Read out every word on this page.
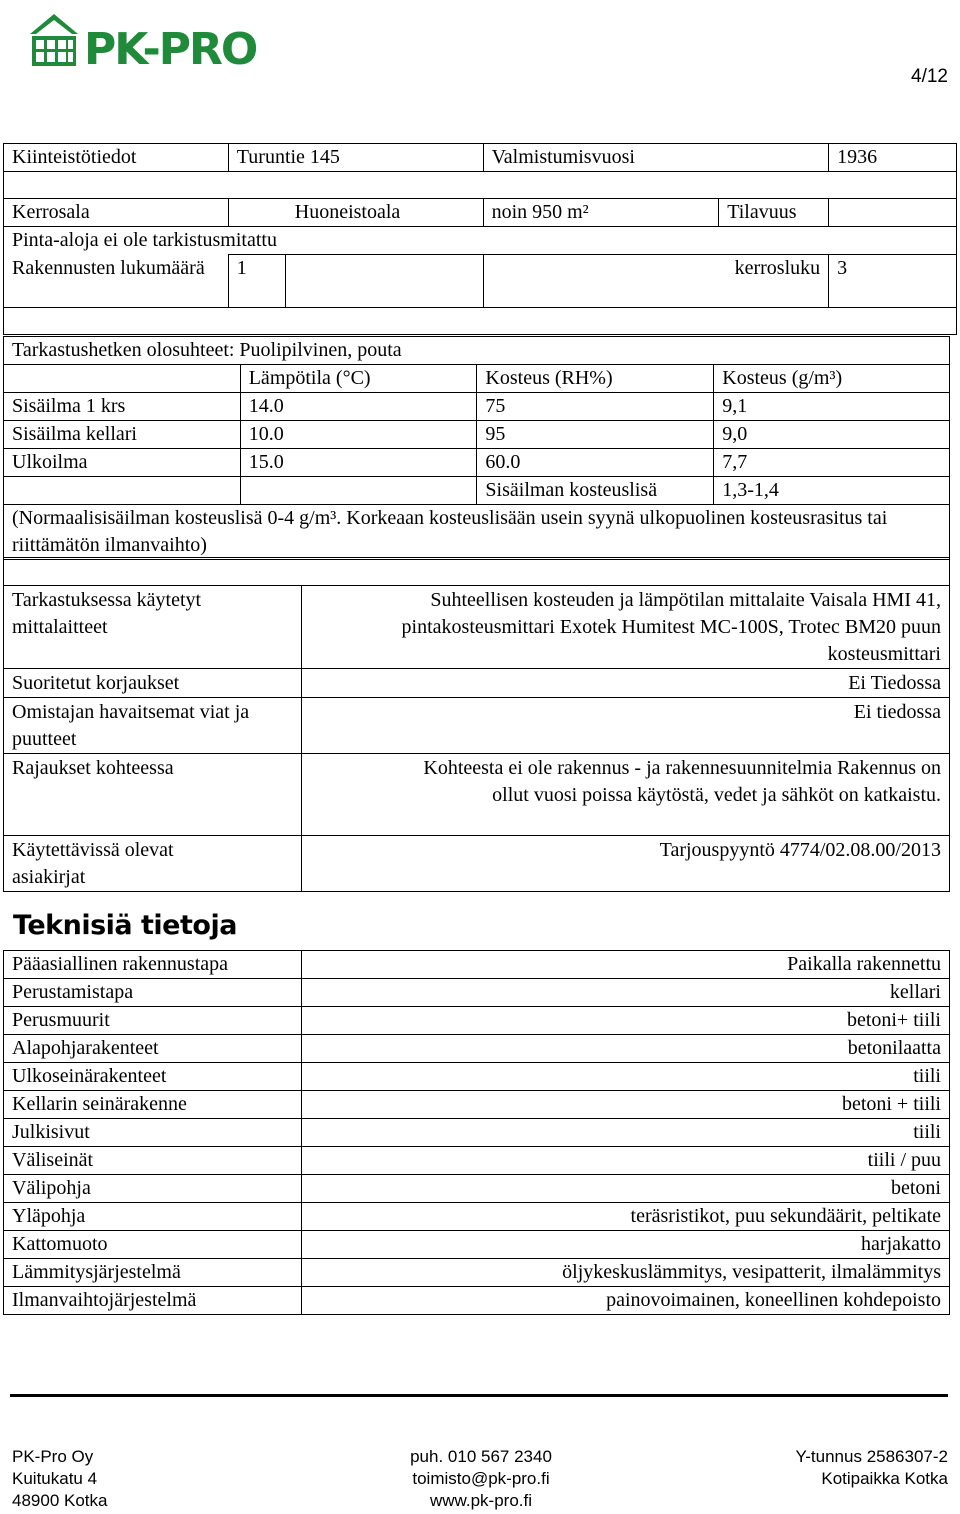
PK-PRO
4/12
Kiinteistötiedot	Turuntie 145		Valmistumisvuosi		1936

Kerrosala	Huoneistoala		noin 950 m²	Tilavuus	
Pinta-aloja ei ole tarkistusmitattu					
Rakennusten lukumäärä	1		kerrosluku		3

Tarkastushetken olosuhteet: Puolipilvinen, pouta			
	Lämpötila (°C)	Kosteus (RH%)	Kosteus (g/m³)
Sisäilma 1 krs	14.0	75	9,1
Sisäilma kellari	10.0	95	9,0
Ulkoilma	15.0	60.0	7,7
		Sisäilman kosteuslisä	1,3-1,4
(Normaalisisäilman kosteuslisä 0-4 g/m³. Korkeaan kosteuslisään usein syynä ulkopuolinen kosteusrasitus tai riittämätön ilmanvaihto)			
Tarkastuksessa käytetyt mittalaitteet	Suhteellisen kosteuden ja lämpötilan mittalaite Vaisala HMI 41, pintakosteusmittari Exotek Humitest MC-100S, Trotec BM20 puun kosteusmittari
Suoritetut korjaukset	Ei Tiedossa
Omistajan havaitsemat viat ja puutteet	Ei tiedossa
Rajaukset kohteessa	Kohteesta ei ole rakennus - ja rakennesuunnitelmia Rakennus on ollut vuosi poissa käytöstä, vedet ja sähköt on katkaistu.
Käytettävissä olevat asiakirjat	Tarjouspyyntö 4774/02.08.00/2013
Teknisiä tietoja
Pääasiallinen rakennustapa	Paikalla rakennettu
Perustamistapa	kellari
Perusmuurit	betoni+ tiili
Alapohjarakenteet	betonilaatta
Ulkoseinärakenteet	tiili
Kellarin seinärakenne	betoni + tiili
Julkisivut	tiili
Väliseinät	tiili / puu
Välipohja	betoni
Yläpohja	teräsristikot, puu sekundäärit, peltikate
Kattomuoto	harjakatto
Lämmitysjärjestelmä	öljykeskuslämmitys, vesipatterit, ilmalämmitys
Ilmanvaihtojärjestelmä	painovoimainen, koneellinen kohdepoisto
PK-Pro Oy
Kuitukatu 4
48900 Kotka
puh. 010 567 2340
toimisto@pk-pro.fi
www.pk-pro.fi
Y-tunnus 2586307-2
Kotipaikka Kotka
